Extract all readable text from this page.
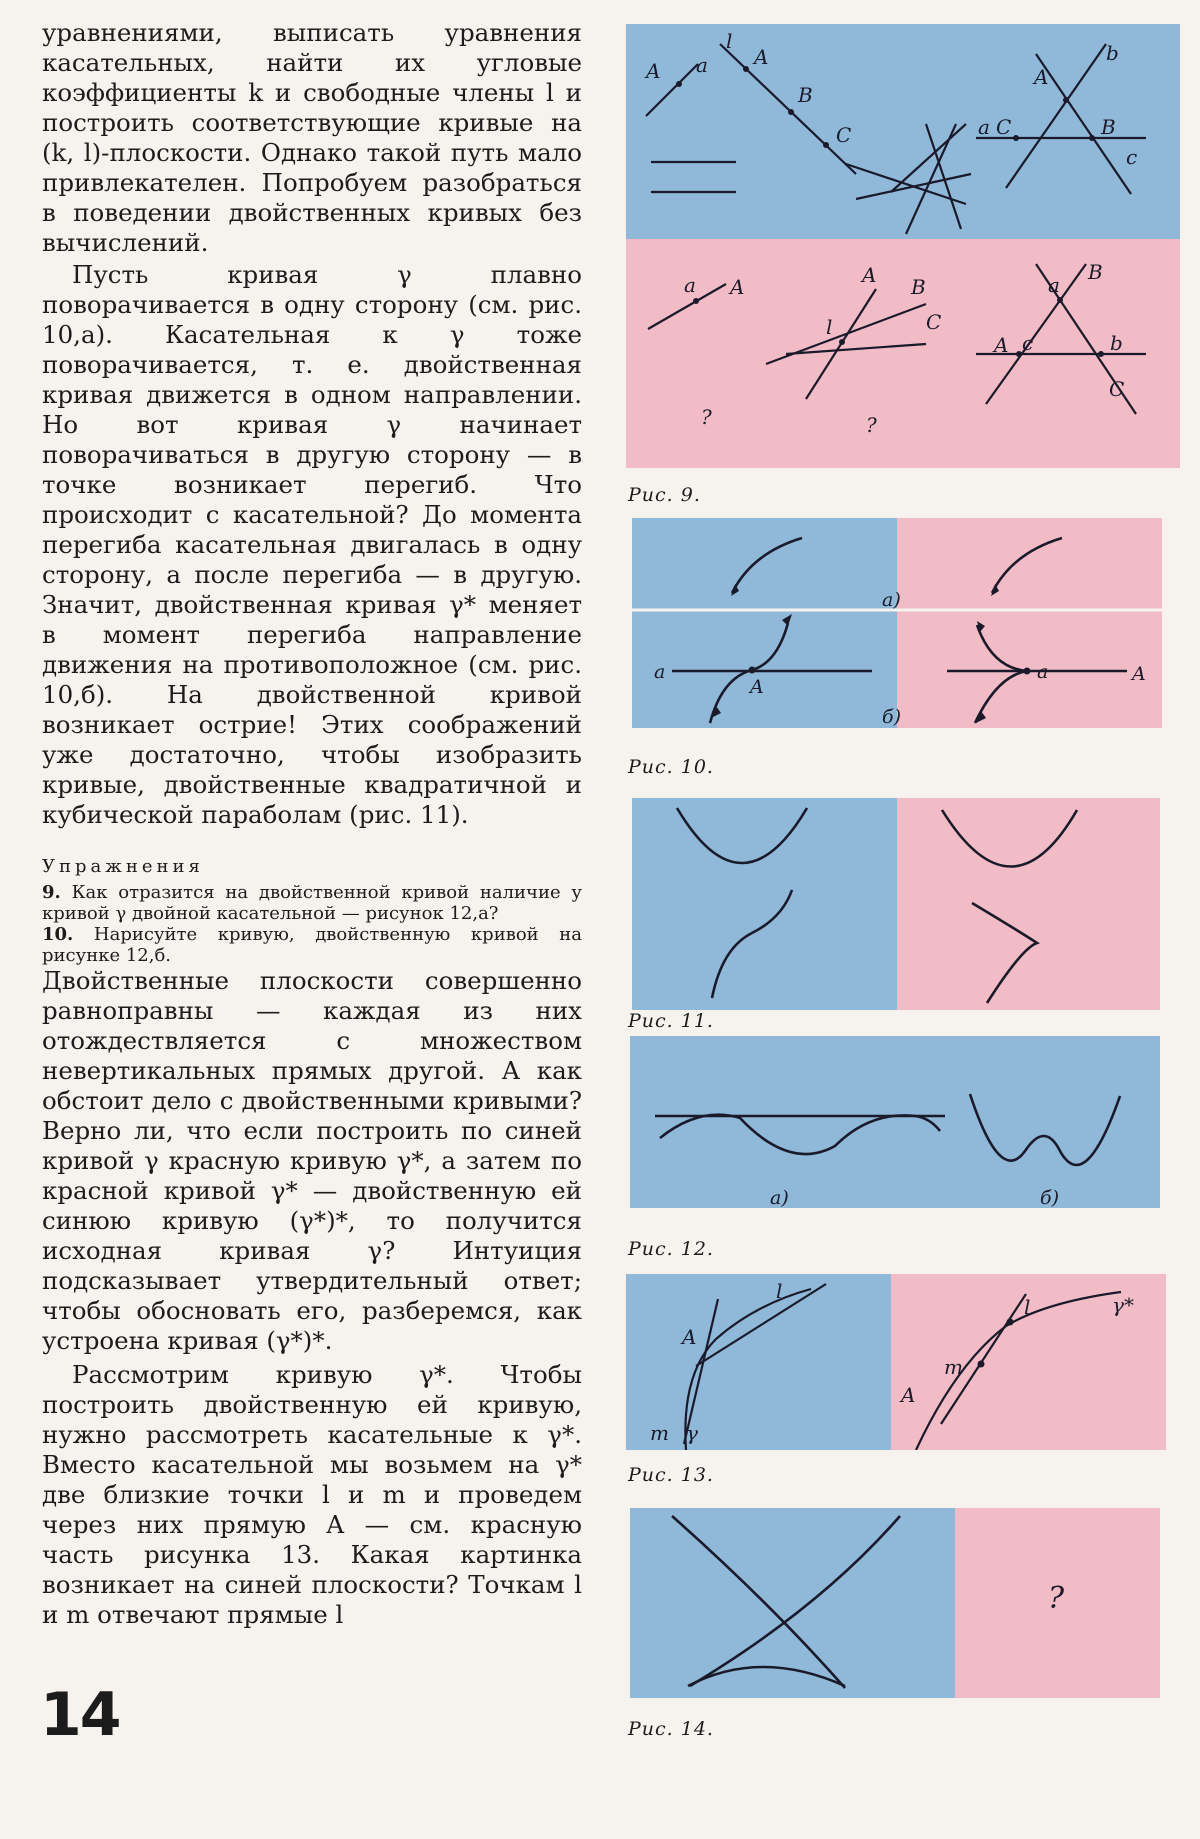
уравнениями, выписать уравнения касательных, найти их угловые коэффициенты k и свободные члены l и построить соответствующие кривые на (k, l)-плоскости. Однако такой путь мало привлекателен. Попробуем разобраться в поведении двойственных кривых без вычислений.

Пусть кривая γ плавно поворачивается в одну сторону (см. рис. 10,а). Касательная к γ тоже поворачивается, т. е. двойственная кривая движется в одном направлении. Но вот кривая γ начинает поворачиваться в другую сторону — в точке возникает перегиб. Что происходит с касательной? До момента перегиба касательная двигалась в одну сторону, а после перегиба — в другую. Значит, двойственная кривая γ* меняет в момент перегиба направление движения на противоположное (см. рис. 10,б). На двойственной кривой возникает острие! Этих соображений уже достаточно, чтобы изобразить кривые, двойственные квадратичной и кубической параболам (рис. 11).

Упражнения
9. Как отразится на двойственной кривой наличие у кривой γ двойной касательной — рисунок 12,а?
10. Нарисуйте кривую, двойственную кривой на рисунке 12,б.

Двойственные плоскости совершенно равноправны — каждая из них отождествляется с множеством невертикальных прямых другой. А как обстоит дело с двойственными кривыми? Верно ли, что если построить по синей кривой γ красную кривую γ*, а затем по красной кривой γ* — двойственную ей синюю кривую (γ*)*, то получится исходная кривая γ? Интуиция подсказывает утвердительный ответ; чтобы обосновать его, разберемся, как устроена кривая (γ*)*.

Рассмотрим кривую γ*. Чтобы построить двойственную ей кривую, нужно рассмотреть касательные к γ*. Вместо касательной мы возьмем на γ* две близкие точки l и m и проведем через них прямую A — см. красную часть рисунка 13. Какая картинка возникает на синей плоскости? Точкам l и m отвечают прямые l

14
A a
l
A
B
C
b
A
a C	B
c
a A	A B
l	C
B
a
A c	b
C
?	?
Рис. 9.
а)
б)
a
A
a	A
Рис. 10.
Рис. 11.
а)	б)
Рис. 12.
l
A
m γ
l	γ*
m
A
Рис. 13.
?
Рис. 14.
